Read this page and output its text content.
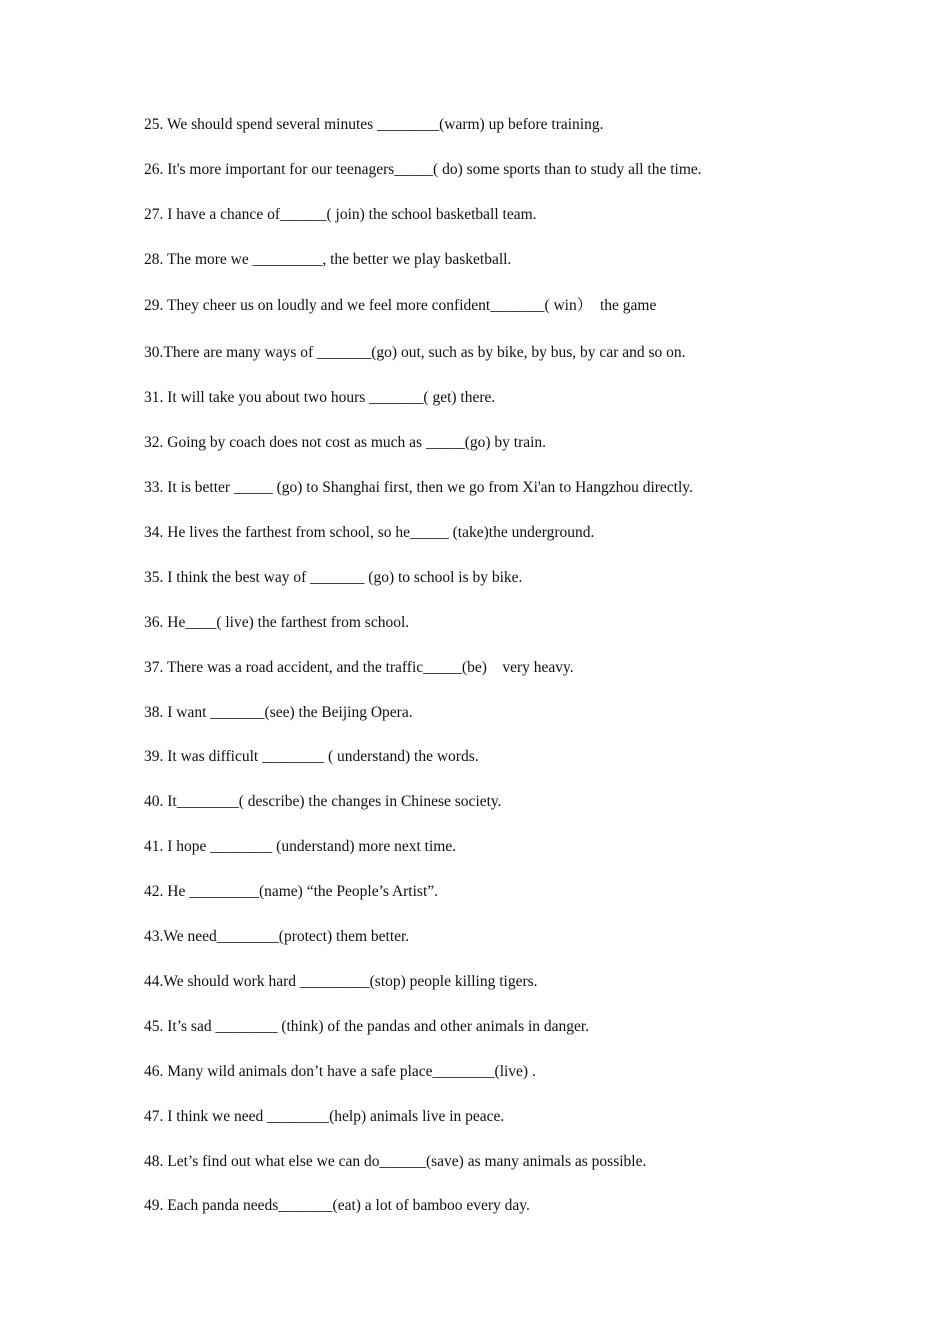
25. We should spend several minutes ________(warm) up before training.
26. It's more important for our teenagers_____( do) some sports than to study all the time.
27. I have a chance of______( join) the school basketball team.
28. The more we _________, the better we play basketball.
29. They cheer us on loudly and we feel more confident_______( win）  the game
30.There are many ways of _______(go) out, such as by bike, by bus, by car and so on.
31. It will take you about two hours _______( get) there.
32. Going by coach does not cost as much as _____(go) by train.
33. It is better _____ (go) to Shanghai first, then we go from Xi'an to Hangzhou directly.
34. He lives the farthest from school, so he_____ (take)the underground.
35. I think the best way of _______ (go) to school is by bike.
36. He____( live) the farthest from school.
37. There was a road accident, and the traffic_____(be)    very heavy.
38. I want _______(see) the Beijing Opera.
39. It was difficult ________ ( understand) the words.
40. It________( describe) the changes in Chinese society.
41. I hope ________ (understand) more next time.
42. He _________(name) “the People’s Artist”.
43.We need________(protect) them better.
44.We should work hard _________(stop) people killing tigers.
45. It’s sad ________ (think) of the pandas and other animals in danger.
46. Many wild animals don’t have a safe place________(live) .
47. I think we need ________(help) animals live in peace.
48. Let’s find out what else we can do______(save) as many animals as possible.
49. Each panda needs_______(eat) a lot of bamboo every day.
